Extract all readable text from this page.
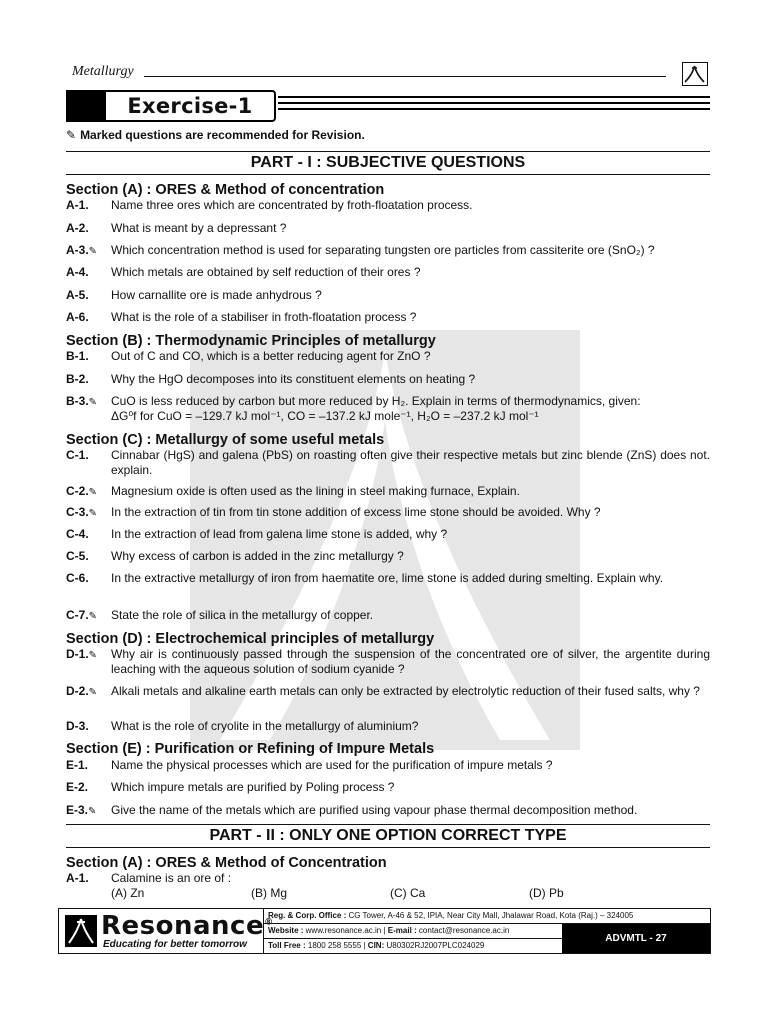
Metallurgy
Exercise-1
✎ Marked questions are recommended for Revision.
PART - I : SUBJECTIVE QUESTIONS
Section (A) : ORES & Method of concentration
A-1. Name three ores which are concentrated by froth-floatation process.
A-2. What is meant by a depressant ?
A-3.✎ Which concentration method is used for separating tungsten ore particles from cassiterite ore (SnO₂) ?
A-4. Which metals are obtained by self reduction of their ores ?
A-5. How carnallite ore is made anhydrous ?
A-6. What is the role of a stabiliser in froth-floatation process ?
Section (B) : Thermodynamic Principles of metallurgy
B-1. Out of C and CO, which is a better reducing agent for ZnO ?
B-2. Why the HgO decomposes into its constituent elements on heating ?
B-3.✎ CuO is less reduced by carbon but more reduced by H₂. Explain in terms of thermodynamics, given:
ΔG⁰f for CuO = –129.7 kJ mol⁻¹, CO = –137.2 kJ mole⁻¹, H₂O = –237.2 kJ mol⁻¹
Section (C) : Metallurgy of some useful metals
C-1. Cinnabar (HgS) and galena (PbS) on roasting often give their respective metals but zinc blende (ZnS) does not. explain.
C-2.✎ Magnesium oxide is often used as the lining in steel making furnace, Explain.
C-3.✎ In the extraction of tin from tin stone addition of excess lime stone should be avoided. Why ?
C-4. In the extraction of lead from galena lime stone is added, why ?
C-5. Why excess of carbon is added in the zinc metallurgy ?
C-6. In the extractive metallurgy of iron from haematite ore, lime stone is added during smelting. Explain why.
C-7.✎ State the role of silica in the metallurgy of copper.
Section (D) : Electrochemical principles of metallurgy
D-1.✎ Why air is continuously passed through the suspension of the concentrated ore of silver, the argentite during leaching with the aqueous solution of sodium cyanide ?
D-2.✎ Alkali metals and alkaline earth metals can only be extracted by electrolytic reduction of their fused salts, why ?
D-3. What is the role of cryolite in the metallurgy of aluminium?
Section (E) : Purification or Refining of Impure Metals
E-1. Name the physical processes which are used for the purification of impure metals ?
E-2. Which impure metals are purified by Poling process ?
E-3.✎ Give the name of the metals which are purified using vapour phase thermal decomposition method.
PART - II : ONLY ONE OPTION CORRECT TYPE
Section (A) : ORES & Method of Concentration
A-1. Calamine is an ore of :
(A) Zn	(B) Mg	(C) Ca	(D) Pb
Resonance®
Educating for better tomorrow
Reg. & Corp. Office : CG Tower, A-46 & 52, IPIA, Near City Mall, Jhalawar Road, Kota (Raj.) – 324005
Website : www.resonance.ac.in | E-mail : contact@resonance.ac.in
Toll Free : 1800 258 5555 | CIN: U80302RJ2007PLC024029
ADVMTL - 27
